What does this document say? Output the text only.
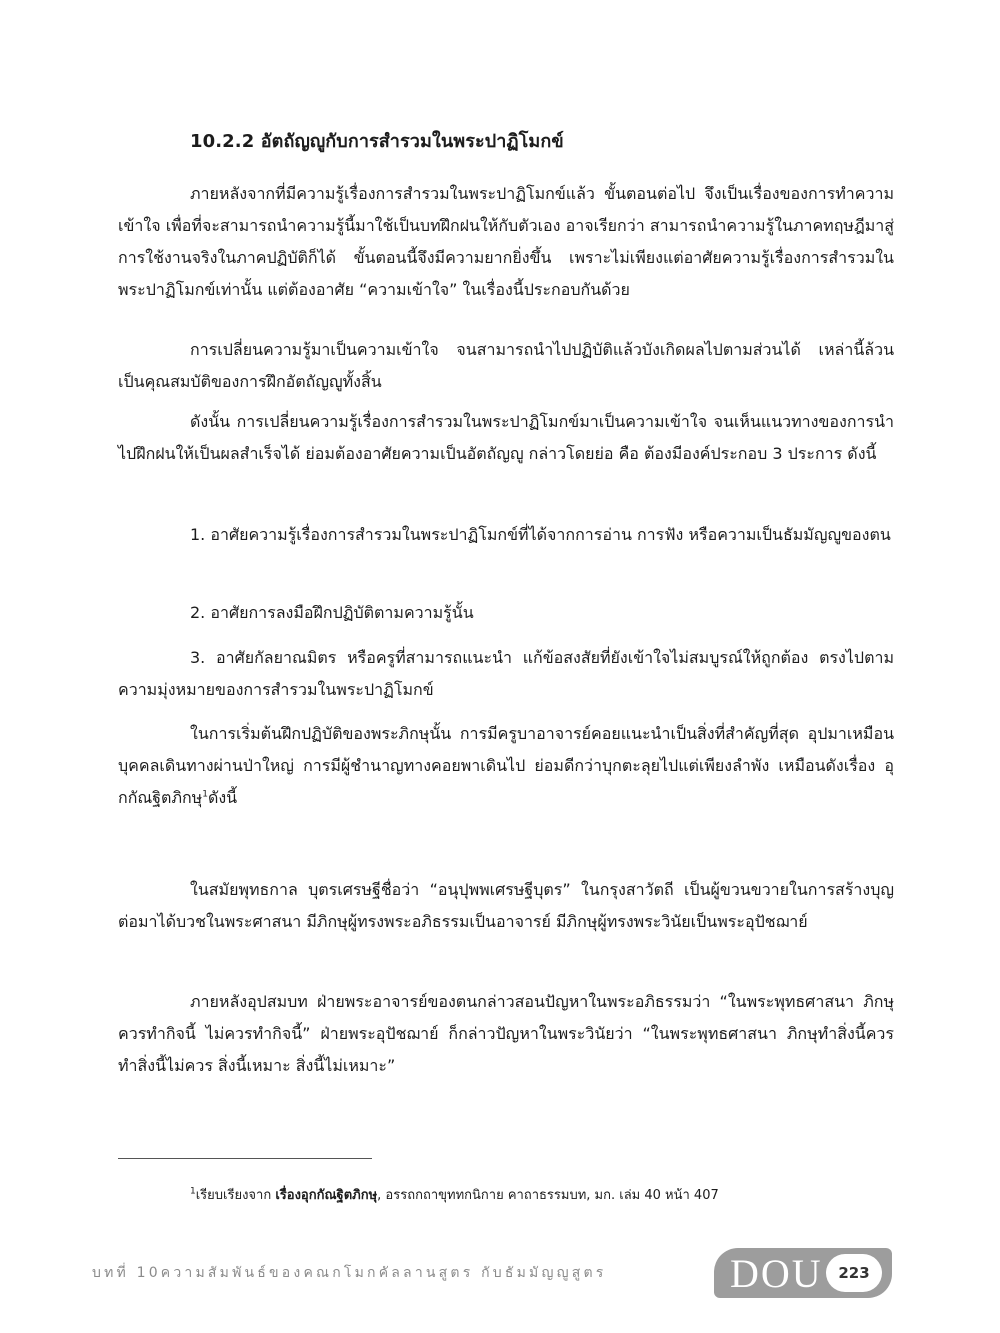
10.2.2 อัตถัญญูกับการสำรวมในพระปาฏิโมกข์
ภายหลังจากที่มีความรู้เรื่องการสำรวมในพระปาฏิโมกข์แล้ว ขั้นตอนต่อไป จึงเป็นเรื่องของการทำความเข้าใจ เพื่อที่จะสามารถนำความรู้นี้มาใช้เป็นบทฝึกฝนให้กับตัวเอง อาจเรียกว่า สามารถนำความรู้ในภาคทฤษฎีมาสู่การใช้งานจริงในภาคปฏิบัติก็ได้ ขั้นตอนนี้จึงมีความยากยิ่งขึ้น เพราะไม่เพียงแต่อาศัยความรู้เรื่องการสำรวมในพระปาฏิโมกข์เท่านั้น แต่ต้องอาศัย “ความเข้าใจ” ในเรื่องนี้ประกอบกันด้วย
การเปลี่ยนความรู้มาเป็นความเข้าใจ จนสามารถนำไปปฏิบัติแล้วบังเกิดผลไปตามส่วนได้ เหล่านี้ล้วนเป็นคุณสมบัติของการฝึกอัตถัญญูทั้งสิ้น
ดังนั้น การเปลี่ยนความรู้เรื่องการสำรวมในพระปาฏิโมกข์มาเป็นความเข้าใจ จนเห็นแนวทางของการนำไปฝึกฝนให้เป็นผลสำเร็จได้ ย่อมต้องอาศัยความเป็นอัตถัญญู กล่าวโดยย่อ คือ ต้องมีองค์ประกอบ 3 ประการ ดังนี้
1. อาศัยความรู้เรื่องการสำรวมในพระปาฏิโมกข์ที่ได้จากการอ่าน การฟัง หรือความเป็นธัมมัญญูของตน
2. อาศัยการลงมือฝึกปฏิบัติตามความรู้นั้น
3. อาศัยกัลยาณมิตร หรือครูที่สามารถแนะนำ แก้ข้อสงสัยที่ยังเข้าใจไม่สมบูรณ์ให้ถูกต้อง ตรงไปตามความมุ่งหมายของการสำรวมในพระปาฏิโมกข์
ในการเริ่มต้นฝึกปฏิบัติของพระภิกษุนั้น การมีครูบาอาจารย์คอยแนะนำเป็นสิ่งที่สำคัญที่สุด อุปมาเหมือนบุคคลเดินทางผ่านป่าใหญ่ การมีผู้ชำนาญทางคอยพาเดินไป ย่อมดีกว่าบุกตะลุยไปแต่เพียงลำพัง เหมือนดังเรื่อง อุกกัณฐิตภิกษุ$^1$ดังนี้
ในสมัยพุทธกาล บุตรเศรษฐีชื่อว่า “อนุปุพพเศรษฐีบุตร” ในกรุงสาวัตถี เป็นผู้ขวนขวายในการสร้างบุญ ต่อมาได้บวชในพระศาสนา มีภิกษุผู้ทรงพระอภิธรรมเป็นอาจารย์ มีภิกษุผู้ทรงพระวินัยเป็นพระอุปัชฌาย์
ภายหลังอุปสมบท ฝ่ายพระอาจารย์ของตนกล่าวสอนปัญหาในพระอภิธรรมว่า “ในพระพุทธศาสนา ภิกษุควรทำกิจนี้ ไม่ควรทำกิจนี้” ฝ่ายพระอุปัชฌาย์ ก็กล่าวปัญหาในพระวินัยว่า “ในพระพุทธศาสนา ภิกษุทำสิ่งนี้ควร ทำสิ่งนี้ไม่ควร สิ่งนี้เหมาะ สิ่งนี้ไม่เหมาะ”
$^1$เรียบเรียงจาก เรื่องอุกกัณฐิตภิกษุ, อรรถกถาขุททกนิกาย คาถาธรรมบท, มก. เล่ม 40 หน้า 407
บทที่ 10ความสัมพันธ์ของคณกโมกคัลลานสูตร กับธัมมัญญูสูตร	DOU	223
